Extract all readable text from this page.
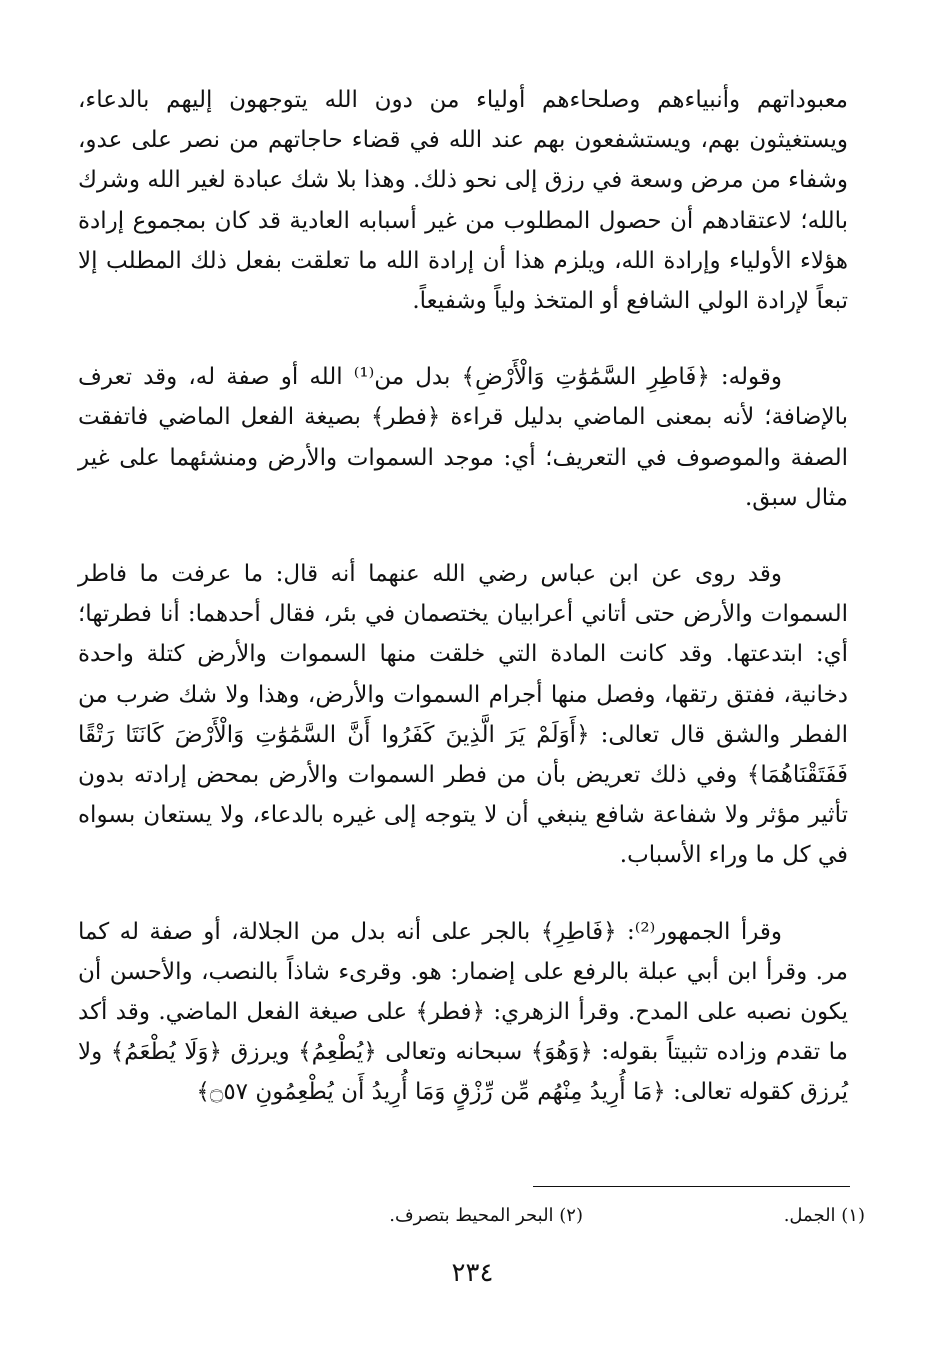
معبوداتهم وأنبياءهم وصلحاءهم أولياء من دون الله يتوجهون إليهم بالدعاء، ويستغيثون بهم، ويستشفعون بهم عند الله في قضاء حاجاتهم من نصر على عدو، وشفاء من مرض وسعة في رزق إلى نحو ذلك. وهذا بلا شك عبادة لغير الله وشرك بالله؛ لاعتقادهم أن حصول المطلوب من غير أسبابه العادية قد كان بمجموع إرادة هؤلاء الأولياء وإرادة الله، ويلزم هذا أن إرادة الله ما تعلقت بفعل ذلك المطلب إلا تبعاً لإرادة الولي الشافع أو المتخذ ولياً وشفيعاً.

وقوله: ﴿فَاطِرِ السَّمَٰوَٰتِ وَالْأَرْضِ﴾ بدل من⁽¹⁾ الله أو صفة له، وقد تعرف بالإضافة؛ لأنه بمعنى الماضي بدليل قراءة ﴿فطر﴾ بصيغة الفعل الماضي فاتفقت الصفة والموصوف في التعريف؛ أي: موجد السموات والأرض ومنشئهما على غير مثال سبق.

وقد روى عن ابن عباس رضي الله عنهما أنه قال: ما عرفت ما فاطر السموات والأرض حتى أتاني أعرابيان يختصمان في بئر، فقال أحدهما: أنا فطرتها؛ أي: ابتدعتها. وقد كانت المادة التي خلقت منها السموات والأرض كتلة واحدة دخانية، ففتق رتقها، وفصل منها أجرام السموات والأرض، وهذا ولا شك ضرب من الفطر والشق قال تعالى: ﴿أَوَلَمْ يَرَ الَّذِينَ كَفَرُوا أَنَّ السَّمَٰوَٰتِ وَالْأَرْضَ كَانَتَا رَتْقًا فَفَتَقْنَاهُمَا﴾ وفي ذلك تعريض بأن من فطر السموات والأرض بمحض إرادته بدون تأثير مؤثر ولا شفاعة شافع ينبغي أن لا يتوجه إلى غيره بالدعاء، ولا يستعان بسواه في كل ما وراء الأسباب.

وقرأ الجمهور⁽²⁾: ﴿فَاطِرِ﴾ بالجر على أنه بدل من الجلالة، أو صفة له كما مر. وقرأ ابن أبي عبلة بالرفع على إضمار: هو. وقرىء شاذاً بالنصب، والأحسن أن يكون نصبه على المدح. وقرأ الزهري: ﴿فطر﴾ على صيغة الفعل الماضي. وقد أكد ما تقدم وزاده تثبيتاً بقوله: ﴿وَهُوَ﴾ سبحانه وتعالى ﴿يُطْعِمُ﴾ ويرزق ﴿وَلَا يُطْعَمُ﴾ ولا يُرزق كقوله تعالى: ﴿مَا أُرِيدُ مِنْهُم مِّن رِّزْقٍ وَمَا أُرِيدُ أَن يُطْعِمُونِ ۝٥٧﴾

(١) الجمل.
(٢) البحر المحيط بتصرف.
٢٣٤
